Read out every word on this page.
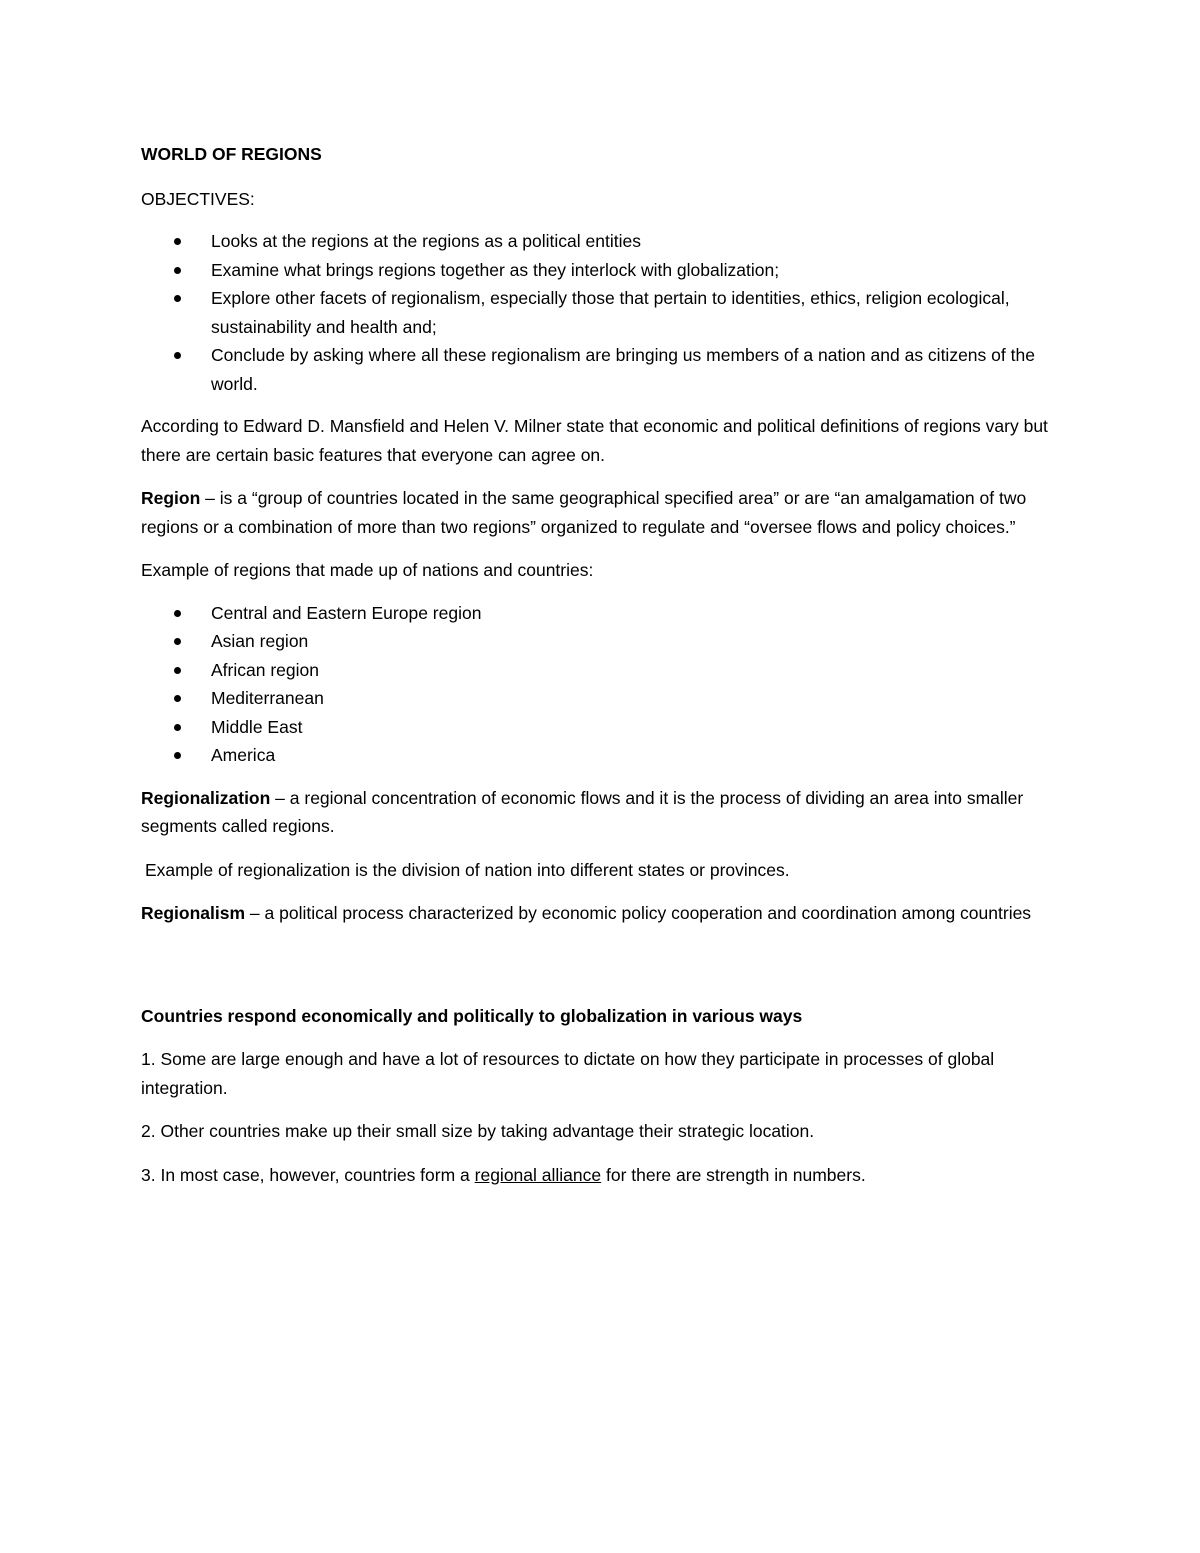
WORLD OF REGIONS
OBJECTIVES:
Looks at the regions at the regions as a political entities
Examine what brings regions together as they interlock with globalization;
Explore other facets of regionalism, especially those that pertain to identities, ethics, religion ecological, sustainability and health and;
Conclude by asking where all these regionalism are bringing us members of a nation and as citizens of the world.

According to Edward D. Mansfield and Helen V. Milner state that economic and political definitions of regions vary but there are certain basic features that everyone can agree on.

Region – is a “group of countries located in the same geographical specified area” or are “an amalgamation of two regions or a combination of more than two regions” organized to regulate and “oversee flows and policy choices.”

Example of regions that made up of nations and countries:

Central and Eastern Europe region
Asian region
African region
Mediterranean
Middle East
America

Regionalization – a regional concentration of economic flows and it is the process of dividing an area into smaller segments called regions.

Example of regionalization is the division of nation into different states or provinces.

Regionalism – a political process characterized by economic policy cooperation and coordination among countries

Countries respond economically and politically to globalization in various ways

1. Some are large enough and have a lot of resources to dictate on how they participate in processes of global integration.

2. Other countries make up their small size by taking advantage their strategic location.

3. In most case, however, countries form a regional alliance for there are strength in numbers.
